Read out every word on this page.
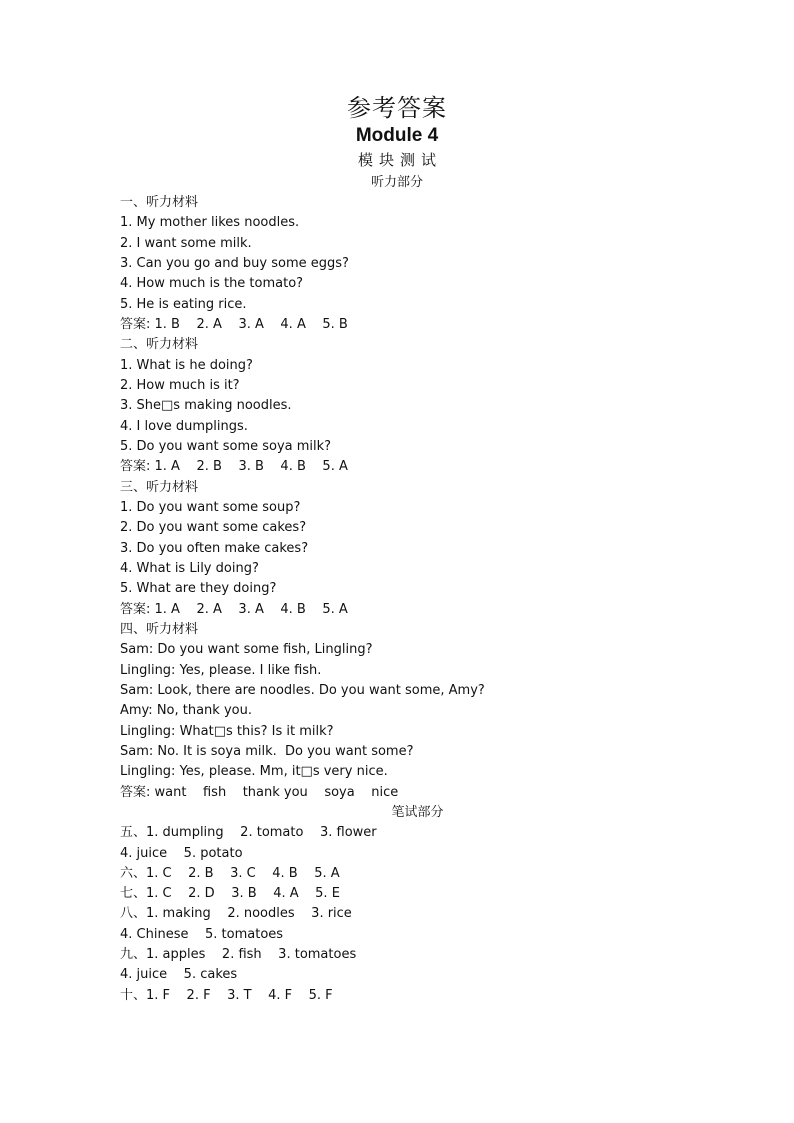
参考答案
Module 4
模块测试
听力部分
一、听力材料
1. My mother likes noodles.
2. I want some milk.
3. Can you go and buy some eggs?
4. How much is the tomato?
5. He is eating rice.
答案: 1. B    2. A    3. A    4. A    5. B
二、听力材料
1. What is he doing?
2. How much is it?
3. She□s making noodles.
4. I love dumplings.
5. Do you want some soya milk?
答案: 1. A    2. B    3. B    4. B    5. A
三、听力材料
1. Do you want some soup?
2. Do you want some cakes?
3. Do you often make cakes?
4. What is Lily doing?
5. What are they doing?
答案: 1. A    2. A    3. A    4. B    5. A
四、听力材料
Sam: Do you want some fish, Lingling?
Lingling: Yes, please. I like fish.
Sam: Look, there are noodles. Do you want some, Amy?
Amy: No, thank you.
Lingling: What□s this? Is it milk?
Sam: No. It is soya milk.  Do you want some?
Lingling: Yes, please. Mm, it□s very nice.
答案: want    fish    thank you    soya    nice
笔试部分
五、1. dumpling    2. tomato    3. flower
4. juice    5. potato
六、1. C    2. B    3. C    4. B    5. A
七、1. C    2. D    3. B    4. A    5. E
八、1. making    2. noodles    3. rice
4. Chinese    5. tomatoes
九、1. apples    2. fish    3. tomatoes
4. juice    5. cakes
十、1. F    2. F    3. T    4. F    5. F
